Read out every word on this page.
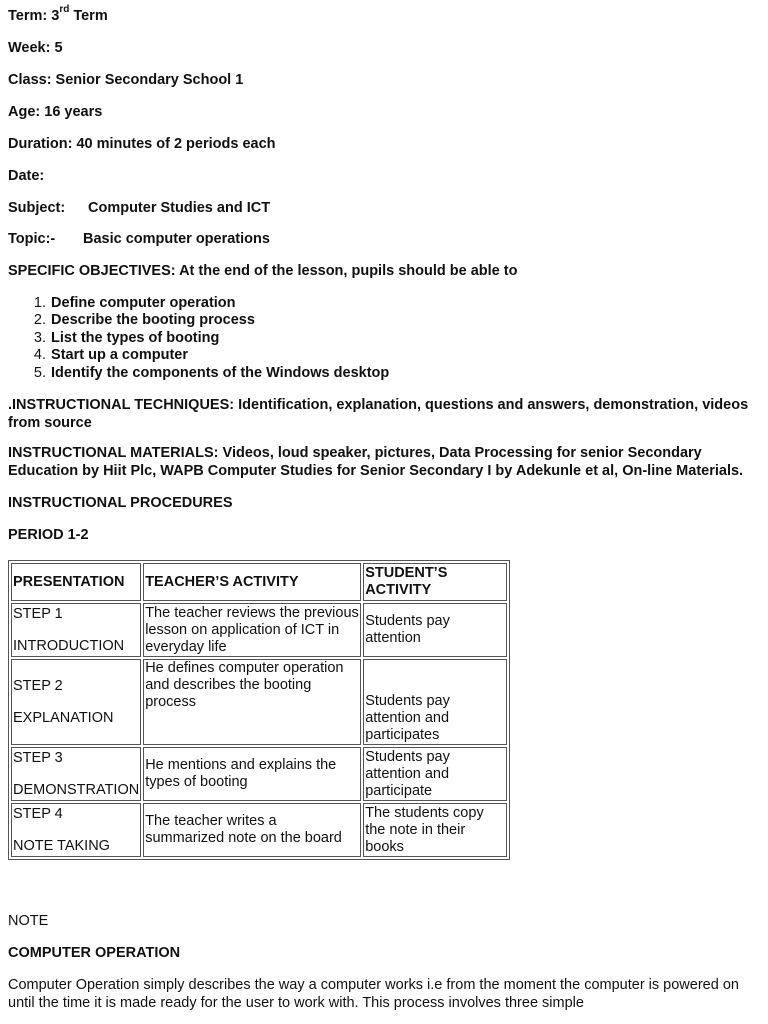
Term: 3rd Term
Week: 5
Class: Senior Secondary School 1
Age: 16 years
Duration: 40 minutes of 2 periods each
Date:
Subject: Computer Studies and ICT
Topic:- Basic computer operations
SPECIFIC OBJECTIVES: At the end of the lesson, pupils should be able to
1. Define computer operation
2. Describe the booting process
3. List the types of booting
4. Start up a computer
5. Identify the components of the Windows desktop
.INSTRUCTIONAL TECHNIQUES: Identification, explanation, questions and answers, demonstration, videos from source
INSTRUCTIONAL MATERIALS: Videos, loud speaker, pictures, Data Processing for senior Secondary Education by Hiit Plc, WAPB Computer Studies for Senior Secondary I by Adekunle et al, On-line Materials.
INSTRUCTIONAL PROCEDURES
PERIOD 1-2
PRESENTATION	TEACHER’S ACTIVITY	STUDENT’S ACTIVITY

STEP 1
INTRODUCTION	The teacher reviews the previous lesson on application of ICT in everyday life	Students pay attention

STEP 2
EXPLANATION	He defines computer operation and describes the booting process	Students pay attention and participates

STEP 3
DEMONSTRATION	He mentions and explains the types of booting	Students pay attention and participate

STEP 4
NOTE TAKING	The teacher writes a summarized note on the board	The students copy the note in their books
NOTE
COMPUTER OPERATION
Computer Operation simply describes the way a computer works i.e from the moment the computer is powered on until the time it is made ready for the user to work with. This process involves three simple
